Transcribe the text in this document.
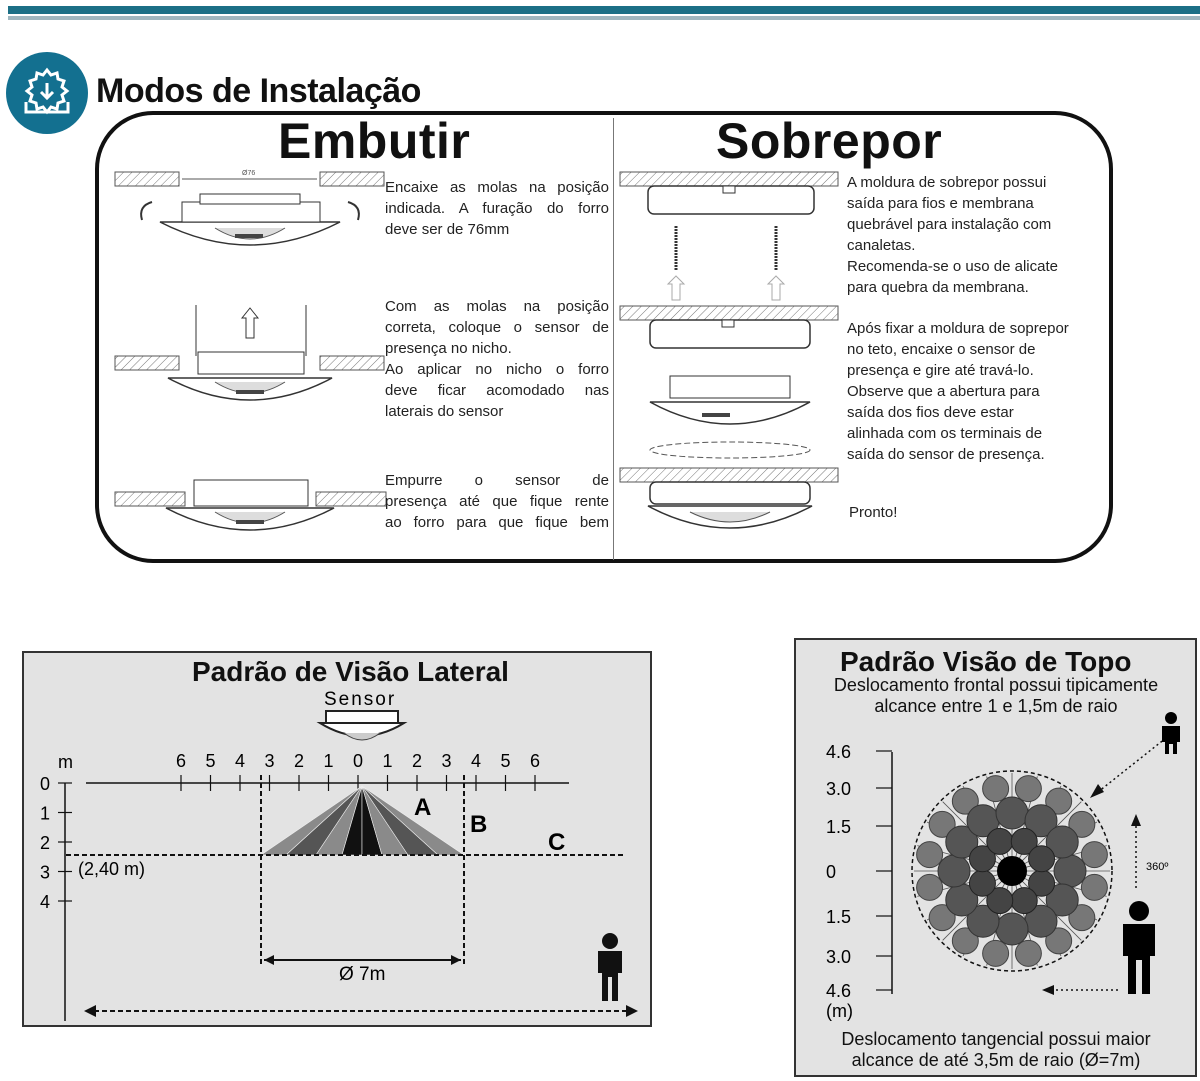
Modos de Instalação
Embutir	Sobrepor
Ø76
Encaixe as molas na posição
indicada. A furação do forro
deve ser de 76mm
Com as molas na posição
correta, coloque o sensor de
presença no nicho.
Ao aplicar no nicho o forro
deve ficar acomodado nas
laterais do sensor
Empurre o sensor de
presença até que fique rente
ao forro para que fique bem
A moldura de sobrepor possui
saída para fios e membrana
quebrável para instalação com
canaletas.
Recomenda-se o uso de alicate
para quebra da membrana.
Após fixar a moldura de soprepor
no teto, encaixe o sensor de
presença e gire até travá-lo.
Observe que a abertura para
saída dos fios deve estar
alinhada com os terminais de
saída do sensor de presença.
Pronto!
Padrão de Visão Lateral
Sensor
m	6 5 4 3 2 1 0 1 2 3 4 5 6
0
1
2
3
4
(2,40 m)
A
B
C
Ø 7m
Padrão Visão de Topo
Deslocamento frontal possui tipicamente
alcance entre 1 e 1,5m de raio
Deslocamento tangencial possui maior
alcance de até 3,5m de raio (Ø=7m)
4.6
3.0
1.5
0
1.5
3.0
4.6
(m)
360º
